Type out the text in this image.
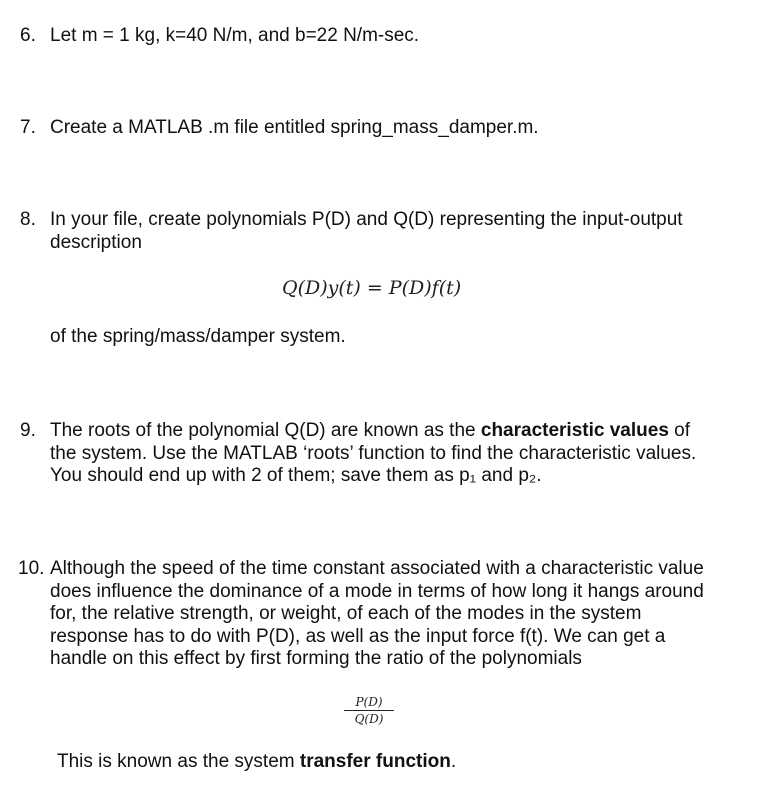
6. Let m = 1 kg, k=40 N/m, and b=22 N/m-sec.
7. Create a MATLAB .m file entitled spring_mass_damper.m.
8. In your file, create polynomials P(D) and Q(D) representing the input-output
description
Q(D)y(t) = P(D)f(t)
of the spring/mass/damper system.
9. The roots of the polynomial Q(D) are known as the characteristic values of
the system. Use the MATLAB ‘roots’ function to find the characteristic values.
You should end up with 2 of them; save them as p₁ and p₂.
10. Although the speed of the time constant associated with a characteristic value
does influence the dominance of a mode in terms of how long it hangs around
for, the relative strength, or weight, of each of the modes in the system
response has to do with P(D), as well as the input force f(t). We can get a
handle on this effect by first forming the ratio of the polynomials
P(D)
Q(D)
This is known as the system transfer function.
